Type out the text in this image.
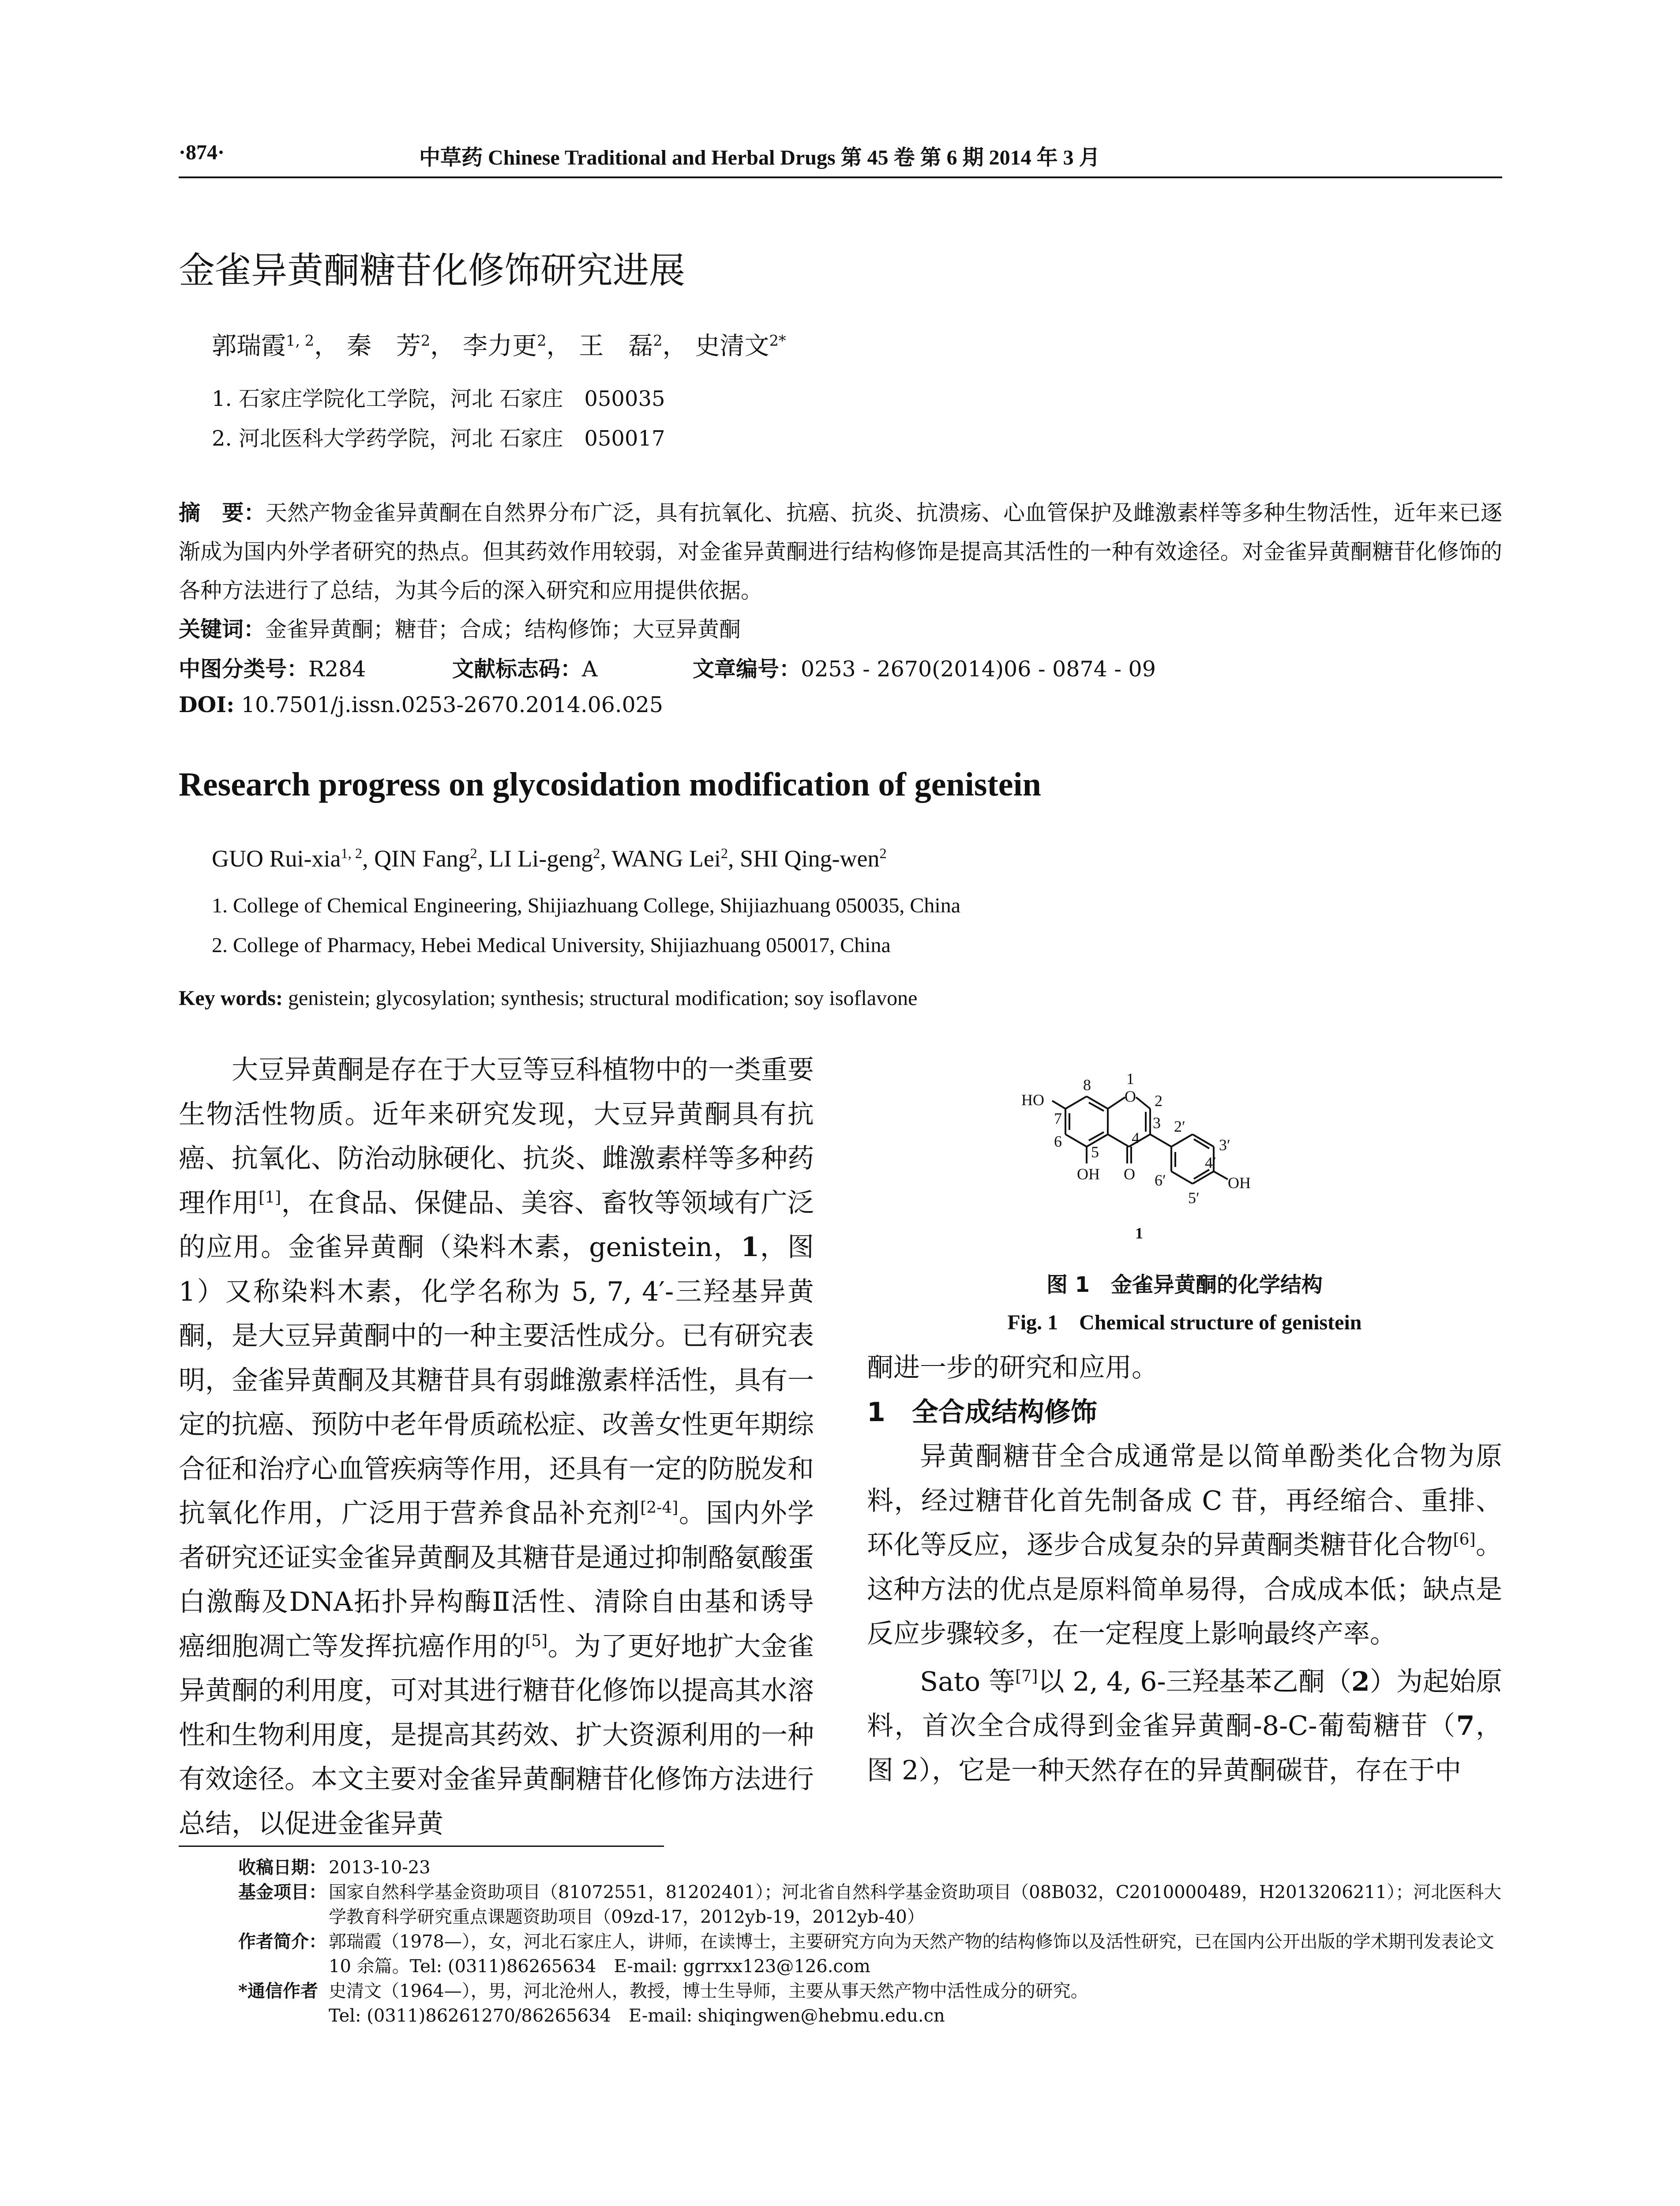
·874·	中草药 Chinese Traditional and Herbal Drugs 第 45 卷 第 6 期 2014 年 3 月
金雀异黄酮糖苷化修饰研究进展
郭瑞霞$^{1, 2}$， 秦　芳$^2$， 李力更$^2$， 王　磊$^2$， 史清文$^{2*}$
1. 石家庄学院化工学院，河北 石家庄　050035
2. 河北医科大学药学院，河北 石家庄　050017
摘　要：天然产物金雀异黄酮在自然界分布广泛，具有抗氧化、抗癌、抗炎、抗溃疡、心血管保护及雌激素样等多种生物活性，近年来已逐渐成为国内外学者研究的热点。但其药效作用较弱，对金雀异黄酮进行结构修饰是提高其活性的一种有效途径。对金雀异黄酮糖苷化修饰的各种方法进行了总结，为其今后的深入研究和应用提供依据。
关键词：金雀异黄酮；糖苷；合成；结构修饰；大豆异黄酮
中图分类号：R284	文献标志码：A	文章编号：0253 - 2670(2014)06 - 0874 - 09
DOI: 10.7501/j.issn.0253-2670.2014.06.025
Research progress on glycosidation modification of genistein
GUO Rui-xia$^{1, 2}$, QIN Fang$^2$, LI Li-geng$^2$, WANG Lei$^2$, SHI Qing-wen$^2$
1. College of Chemical Engineering, Shijiazhuang College, Shijiazhuang 050035, China
2. College of Pharmacy, Hebei Medical University, Shijiazhuang 050017, China
Key words: genistein; glycosylation; synthesis; structural modification; soy isoflavone

大豆异黄酮是存在于大豆等豆科植物中的一类重要生物活性物质。近年来研究发现，大豆异黄酮具有抗癌、抗氧化、防治动脉硬化、抗炎、雌激素样等多种药理作用[1]，在食品、保健品、美容、畜牧等领域有广泛的应用。金雀异黄酮（染料木素，genistein，1，图 1）又称染料木素，化学名称为 5, 7, 4′-三羟基异黄酮，是大豆异黄酮中的一种主要活性成分。已有研究表明，金雀异黄酮及其糖苷具有弱雌激素样活性，具有一定的抗癌、预防中老年骨质疏松症、改善女性更年期综合征和治疗心血管疾病等作用，还具有一定的防脱发和抗氧化作用，广泛用于营养食品补充剂[2-4]。国内外学者研究还证实金雀异黄酮及其糖苷是通过抑制酪氨酸蛋白激酶及DNA拓扑异构酶Ⅱ活性、清除自由基和诱导癌细胞凋亡等发挥抗癌作用的[5]。为了更好地扩大金雀异黄酮的利用度，可对其进行糖苷化修饰以提高其水溶性和生物利用度，是提高其药效、扩大资源利用的一种有效途径。本文主要对金雀异黄酮糖苷化修饰方法进行总结，以促进金雀异黄

HO
8 1
O 2
7	3 2′
3′
6
5
4
4′
OH O 6′	OH
5′
1
图 1　金雀异黄酮的化学结构
Fig. 1　Chemical structure of genistein

酮进一步的研究和应用。

1　全合成结构修饰

异黄酮糖苷全合成通常是以简单酚类化合物为原料，经过糖苷化首先制备成 C 苷，再经缩合、重排、环化等反应，逐步合成复杂的异黄酮类糖苷化合物[6]。这种方法的优点是原料简单易得，合成成本低；缺点是反应步骤较多，在一定程度上影响最终产率。

Sato 等[7]以 2, 4, 6-三羟基苯乙酮（2）为起始原料，首次全合成得到金雀异黄酮-8-C-葡萄糖苷（7，图 2），它是一种天然存在的异黄酮碳苷，存在于中

收稿日期： 2013-10-23

基金项目： 国家自然科学基金资助项目（81072551，81202401）；河北省自然科学基金资助项目（08B032，C2010000489，H2013206211）；河北医科大学教育科学研究重点课题资助项目（09zd-17，2012yb-19，2012yb-40）

作者简介： 郭瑞霞（1978—），女，河北石家庄人，讲师，在读博士，主要研究方向为天然产物的结构修饰以及活性研究，已在国内公开出版的学术期刊发表论文 10 余篇。Tel: (0311)86265634　E-mail: ggrrxx123@126.com

*通信作者 史清文（1964—），男，河北沧州人，教授，博士生导师，主要从事天然产物中活性成分的研究。
Tel: (0311)86261270/86265634　E-mail: shiqingwen@hebmu.edu.cn
